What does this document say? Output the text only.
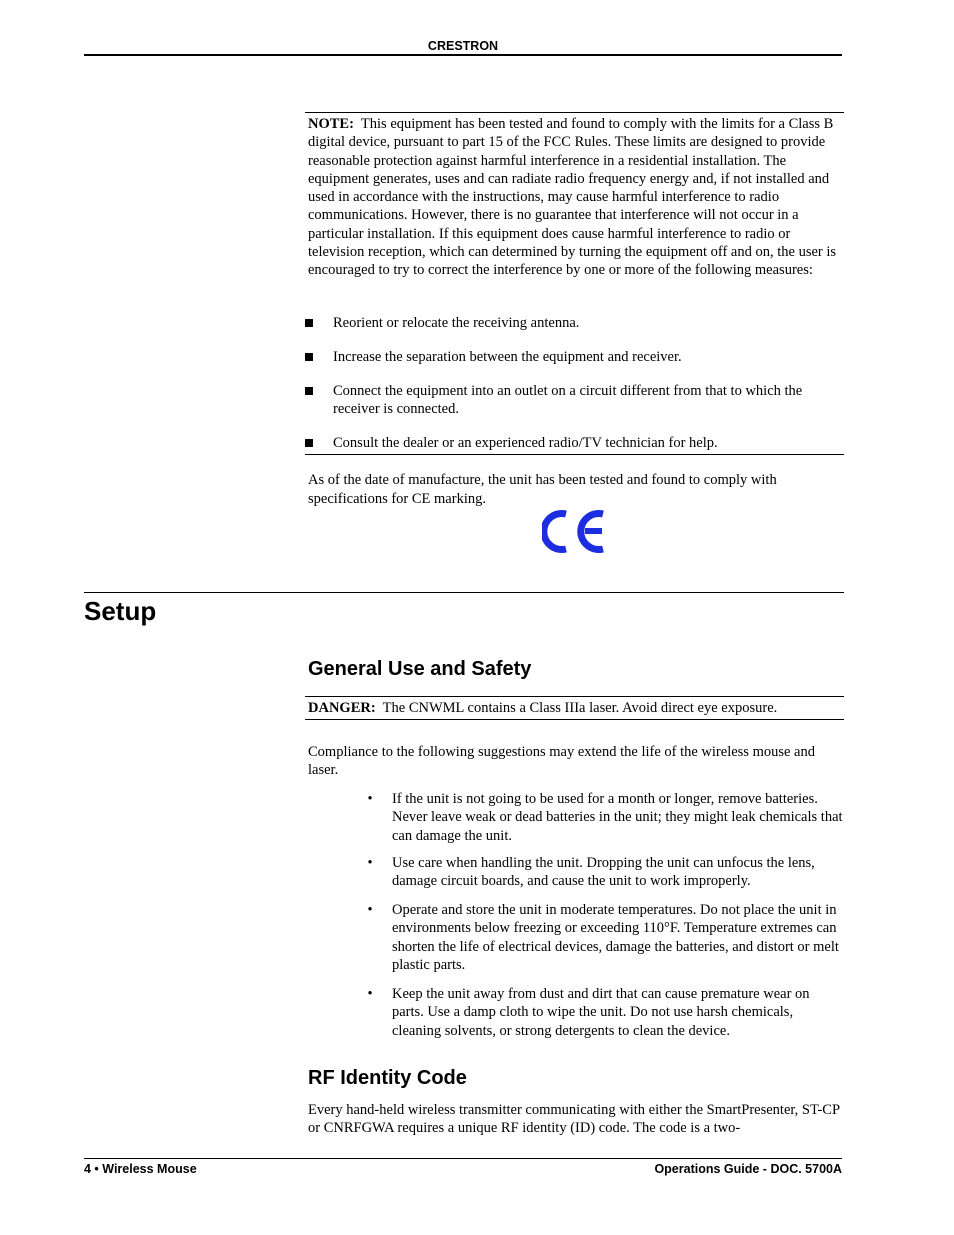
CRESTRON
NOTE: This equipment has been tested and found to comply with the limits for a Class B digital device, pursuant to part 15 of the FCC Rules. These limits are designed to provide reasonable protection against harmful interference in a residential installation. The equipment generates, uses and can radiate radio frequency energy and, if not installed and used in accordance with the instructions, may cause harmful interference to radio communications. However, there is no guarantee that interference will not occur in a particular installation. If this equipment does cause harmful interference to radio or television reception, which can determined by turning the equipment off and on, the user is encouraged to try to correct the interference by one or more of the following measures:
Reorient or relocate the receiving antenna.
Increase the separation between the equipment and receiver.
Connect the equipment into an outlet on a circuit different from that to which the receiver is connected.
Consult the dealer or an experienced radio/TV technician for help.
As of the date of manufacture, the unit has been tested and found to comply with specifications for CE marking.
Setup
General Use and Safety
DANGER: The CNWML contains a Class IIIa laser. Avoid direct eye exposure.
Compliance to the following suggestions may extend the life of the wireless mouse and laser.
• If the unit is not going to be used for a month or longer, remove batteries. Never leave weak or dead batteries in the unit; they might leak chemicals that can damage the unit.
• Use care when handling the unit. Dropping the unit can unfocus the lens, damage circuit boards, and cause the unit to work improperly.
• Operate and store the unit in moderate temperatures. Do not place the unit in environments below freezing or exceeding 110°F. Temperature extremes can shorten the life of electrical devices, damage the batteries, and distort or melt plastic parts.
• Keep the unit away from dust and dirt that can cause premature wear on parts. Use a damp cloth to wipe the unit. Do not use harsh chemicals, cleaning solvents, or strong detergents to clean the device.
RF Identity Code
Every hand-held wireless transmitter communicating with either the SmartPresenter, ST-CP or CNRFGWA requires a unique RF identity (ID) code. The code is a two-
4 • Wireless Mouse	Operations Guide - DOC. 5700A
